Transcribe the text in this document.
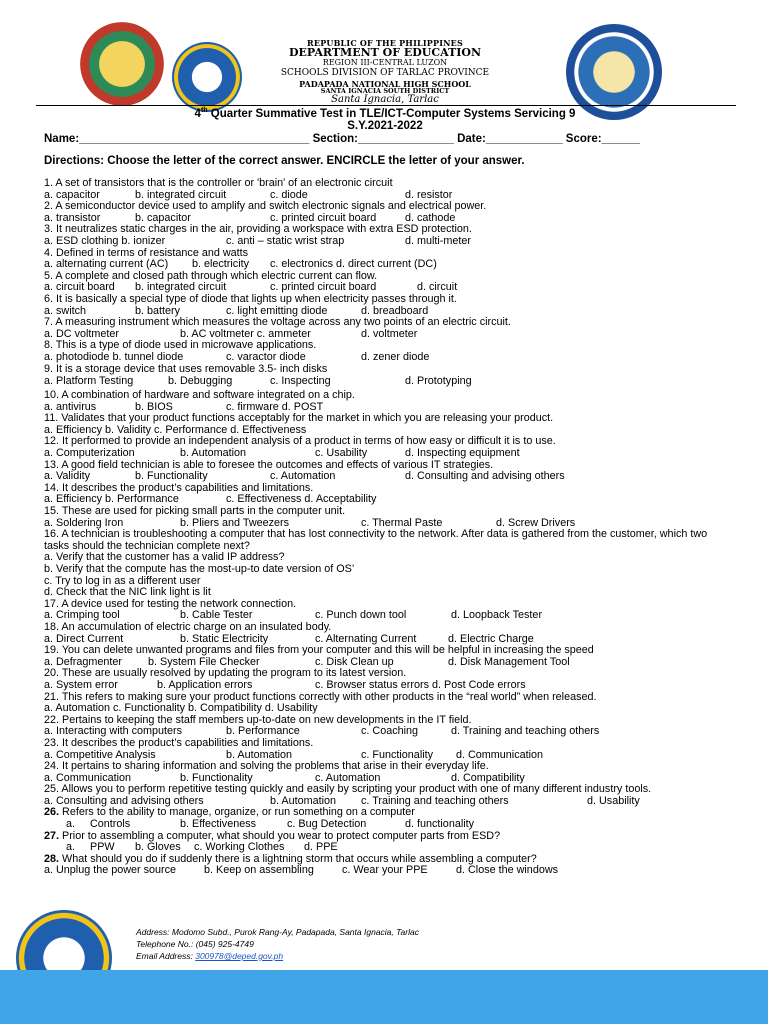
REPUBLIC OF THE PHILIPPINES
DEPARTMENT OF EDUCATION
REGION III-CENTRAL LUZON
SCHOOLS DIVISION OF TARLAC PROVINCE
PADAPADA NATIONAL HIGH SCHOOL
SANTA IGNACIA SOUTH DISTRICT
Santa Ignacia, Tarlac
4th Quarter Summative Test in TLE/ICT-Computer Systems Servicing 9
S.Y.2021-2022
Name:____________________________________ Section:_______________ Date:____________ Score:______
Directions: Choose the letter of the correct answer. ENCIRCLE the letter of your answer.
1. A set of transistors that is the controller or 'brain' of an electronic circuit
a. capacitor	b. integrated circuit	c. diode	d. resistor
2. A semiconductor device used to amplify and switch electronic signals and electrical power.
a. transistor	b. capacitor	c. printed circuit board	d. cathode
3. It neutralizes static charges in the air, providing a workspace with extra ESD protection.
a. ESD clothing b. ionizer	c. anti – static wrist strap	d. multi-meter
4. Defined in terms of resistance and watts
a. alternating current (AC) b. electricity c. electronics d. direct current (DC)
5. A complete and closed path through which electric current can flow.
a. circuit board b. integrated circuit	c. printed circuit board	d. circuit
6. It is basically a special type of diode that lights up when electricity passes through it.
a. switch	b. battery	c. light emitting diode	d. breadboard
7. A measuring instrument which measures the voltage across any two points of an electric circuit.
a. DC voltmeter	b. AC voltmeter c. ammeter	d. voltmeter
8. This is a type of diode used in microwave applications.
a. photodiode b. tunnel diode	c. varactor diode	d. zener diode
9. It is a storage device that uses removable 3.5- inch disks
a. Platform Testing	b. Debugging	c. Inspecting	d. Prototyping
10. A combination of hardware and software integrated on a chip.
a. antivirus	b. BIOS	c. firmware d. POST
11. Validates that your product functions acceptably for the market in which you are releasing your product.
a. Efficiency b. Validity c. Performance d. Effectiveness
12. It performed to provide an independent analysis of a product in terms of how easy or difficult it is to use.
a. Computerization	b. Automation	c. Usability	d. Inspecting equipment
13. A good field technician is able to foresee the outcomes and effects of various IT strategies.
a. Validity	b. Functionality	c. Automation	d. Consulting and advising others
14. It describes the product’s capabilities and limitations.
a. Efficiency b. Performance	c. Effectiveness d. Acceptability
15. These are used for picking small parts in the computer unit.
a. Soldering Iron	b. Pliers and Tweezers	c. Thermal Paste	d. Screw Drivers
16. A technician is troubleshooting a computer that has lost connectivity to the network. After data is gathered from the customer, which two tasks should the technician complete next?
a. Verify that the customer has a valid IP address?
b. Verify that the compute has the most-up-to date version of OS’
c. Try to log in as a different user
d. Check that the NIC link light is lit
17. A device used for testing the network connection.
a. Crimping tool	b. Cable Tester	c. Punch down tool	d. Loopback Tester
18. An accumulation of electric charge on an insulated body.
a. Direct Current	b. Static Electricity	c. Alternating Current	d. Electric Charge
19. You can delete unwanted programs and files from your computer and this will be helpful in increasing the speed
a. Defragmenter b. System File Checker	c. Disk Clean up	d. Disk Management Tool
20. These are usually resolved by updating the program to its latest version.
a. System error	b. Application errors	c. Browser status errors d. Post Code errors
21. This refers to making sure your product functions correctly with other products in the “real world” when released.
a. Automation c. Functionality b. Compatibility d. Usability
22. Pertains to keeping the staff members up-to-date on new developments in the IT field.
a. Interacting with computers	b. Performance	c. Coaching	d. Training and teaching others
23. It describes the product’s capabilities and limitations.
a. Competitive Analysis	b. Automation	c. Functionality d. Communication
24. It pertains to sharing information and solving the problems that arise in their everyday life.
a. Communication	b. Functionality	c. Automation	d. Compatibility
25. Allows you to perform repetitive testing quickly and easily by scripting your product with one of many different industry tools.
a. Consulting and advising others	b. Automation c. Training and teaching others	d. Usability
26. Refers to the ability to manage, organize, or run something on a computer
a. Controls	b. Effectiveness	c. Bug Detection	d. functionality
27. Prior to assembling a computer, what should you wear to protect computer parts from ESD?
a. PPW b. Gloves c. Working Clothes d. PPE
28. What should you do if suddenly there is a lightning storm that occurs while assembling a computer?
a. Unplug the power source	b. Keep on assembling	c. Wear your PPE	d. Close the windows
Address: Modomo Subd., Purok Rang-Ay, Padapada, Santa Ignacia, Tarlac
Telephone No.: (045) 925-4749
Email Address: 300978@deped.gov.ph
